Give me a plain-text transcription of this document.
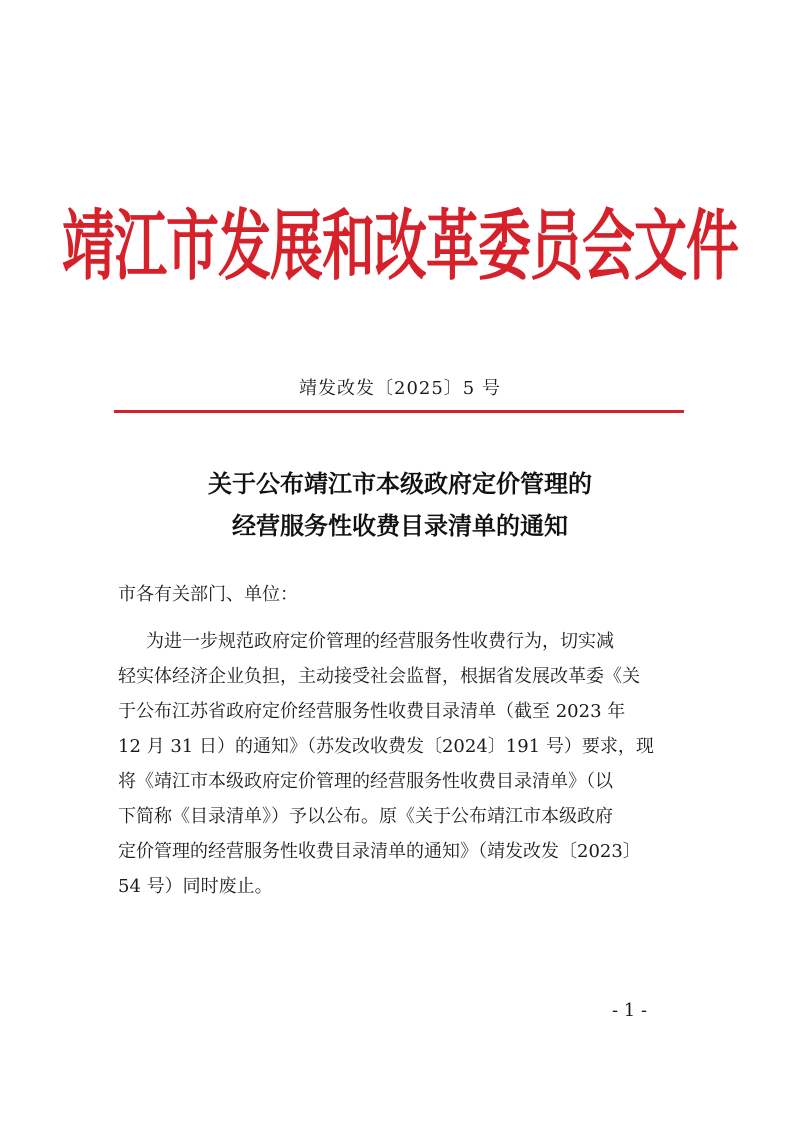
靖江市发展和改革委员会文件
靖发改发〔2025〕5 号
关于公布靖江市本级政府定价管理的
经营服务性收费目录清单的通知
市各有关部门、单位：
为进一步规范政府定价管理的经营服务性收费行为，切实减
轻实体经济企业负担，主动接受社会监督，根据省发展改革委《关
于公布江苏省政府定价经营服务性收费目录清单（截至 2023 年
12 月 31 日）的通知》（苏发改收费发〔2024〕191 号）要求，现
将《靖江市本级政府定价管理的经营服务性收费目录清单》（以
下简称《目录清单》）予以公布。原《关于公布靖江市本级政府
定价管理的经营服务性收费目录清单的通知》（靖发改发〔2023〕
54 号）同时废止。
- 1 -
